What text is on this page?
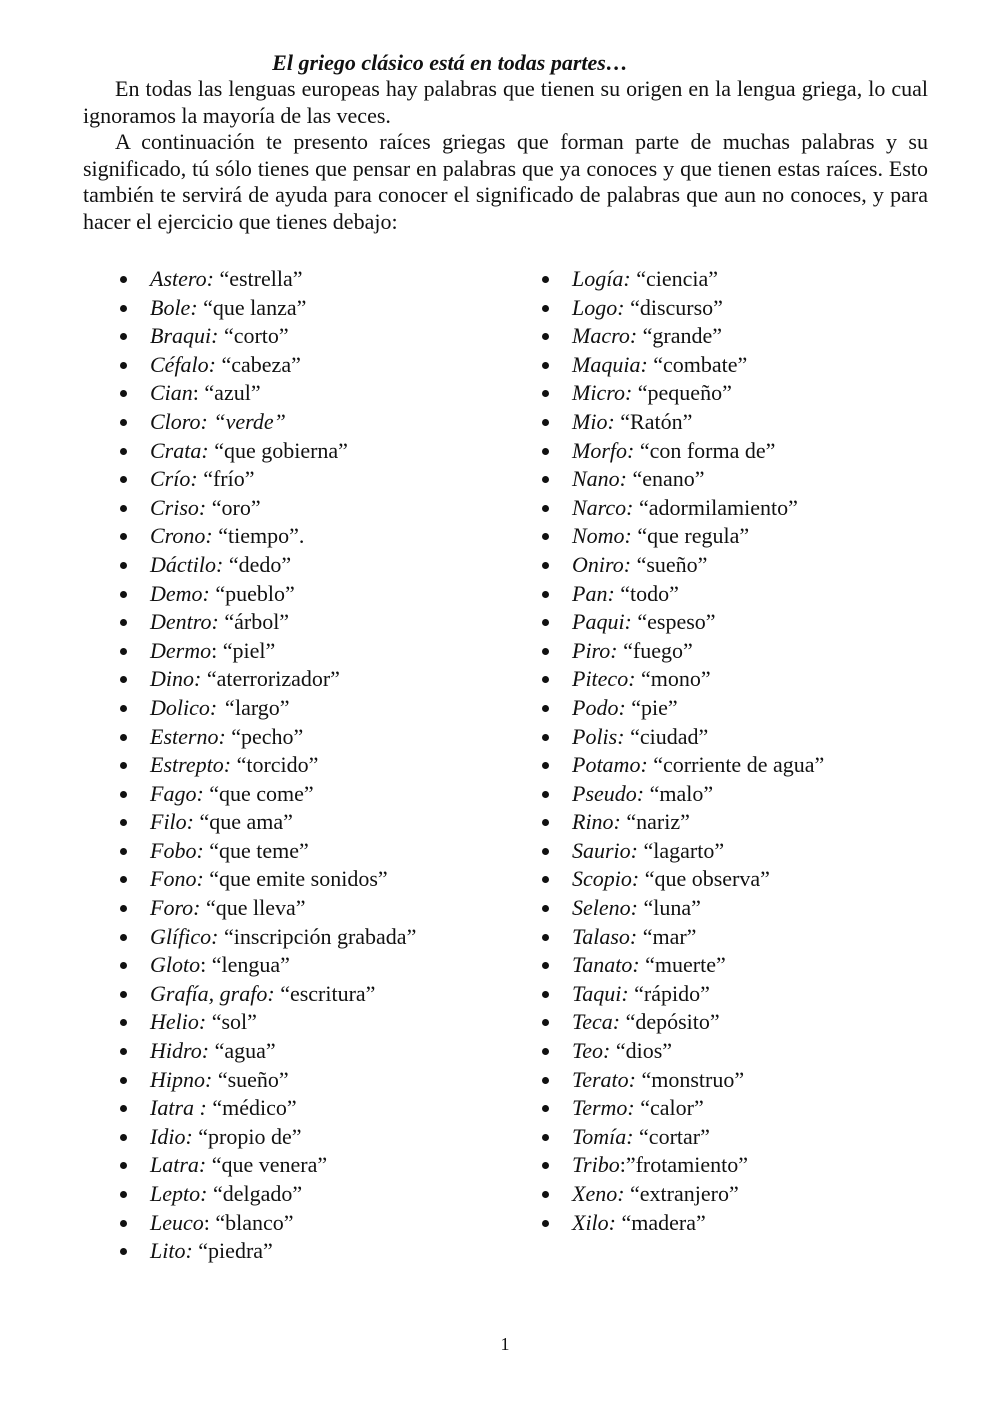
El griego clásico está en todas partes…

En todas las lenguas europeas hay palabras que tienen su origen en la lengua griega, lo cual ignoramos la mayoría de las veces.

A continuación te presento raíces griegas que forman parte de muchas palabras y su significado, tú sólo tienes que pensar en palabras que ya conoces y que tienen estas raíces. Esto también te servirá de ayuda para conocer el significado de palabras que aun no conoces, y para hacer el ejercicio que tienes debajo:

Astero: “estrella”
Bole: “que lanza”
Braqui: “corto”
Céfalo: “cabeza”
Cian: “azul”
Cloro: “verde”
Crata: “que gobierna”
Crío: “frío”
Criso: “oro”
Crono: “tiempo”.
Dáctilo: “dedo”
Demo: “pueblo”
Dentro: “árbol”
Dermo: “piel”
Dino: “aterrorizador”
Dolico: “largo”
Esterno: “pecho”
Estrepto: “torcido”
Fago: “que come”
Filo: “que ama”
Fobo: “que teme”
Fono: “que emite sonidos”
Foro: “que lleva”
Glífico: “inscripción grabada”
Gloto: “lengua”
Grafía, grafo: “escritura”
Helio: “sol”
Hidro: “agua”
Hipno: “sueño”
Iatra : “médico”
Idio: “propio de”
Latra: “que venera”
Lepto: “delgado”
Leuco: “blanco”
Lito: “piedra”
Logía: “ciencia”
Logo: “discurso”
Macro: “grande”
Maquia: “combate”
Micro: “pequeño”
Mio: “Ratón”
Morfo: “con forma de”
Nano: “enano”
Narco: “adormilamiento”
Nomo: “que regula”
Oniro: “sueño”
Pan: “todo”
Paqui: “espeso”
Piro: “fuego”
Piteco: “mono”
Podo: “pie”
Polis: “ciudad”
Potamo: “corriente de agua”
Pseudo: “malo”
Rino: “nariz”
Saurio: “lagarto”
Scopio: “que observa”
Seleno: “luna”
Talaso: “mar”
Tanato: “muerte”
Taqui: “rápido”
Teca: “depósito”
Teo: “dios”
Terato: “monstruo”
Termo: “calor”
Tomía: “cortar”
Tribo:”frotamiento”
Xeno: “extranjero”
Xilo: “madera”
1
